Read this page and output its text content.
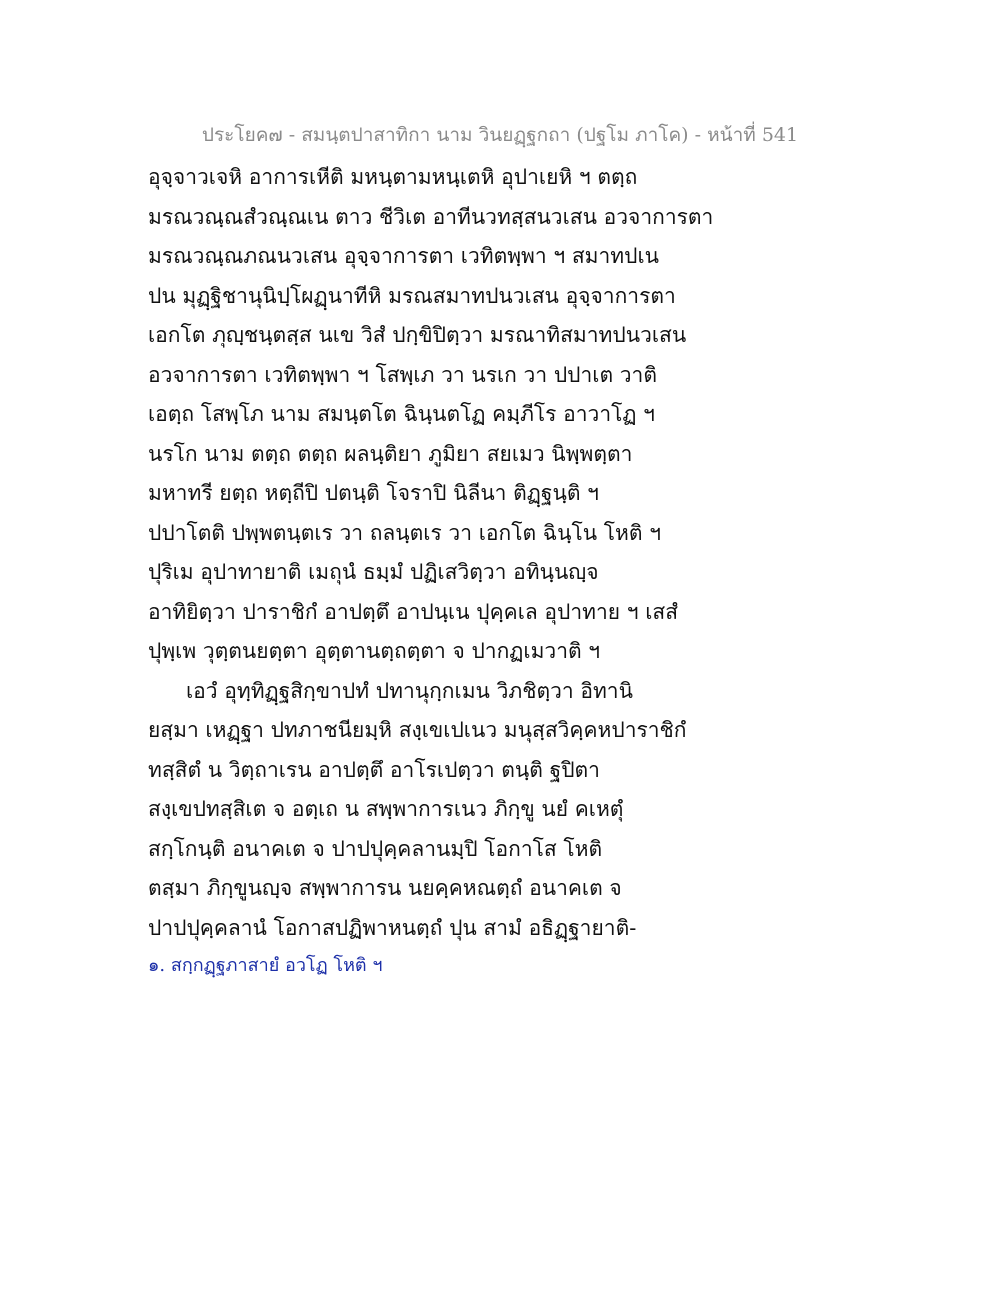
ประโยค๗ - สมนฺตปาสาทิกา นาม วินยฏฺฐกถา (ปฐโม ภาโค) - หน้าที่ 541
อุจฺจาวเจหิ อาการเหีติ มหนฺตามหนฺเตหิ อุปาเยหิ ฯ ตตฺถ
มรณวณฺณสํวณฺณเน ตาว ชีวิเต อาทีนวทสฺสนวเสน อวจาการตา
มรณวณฺณภณนวเสน อุจฺจาการตา เวทิตพฺพา ฯ สมาทปเน
ปน มุฏฺฐิชานุนิปฺโผฏฺนาทีหิ มรณสมาทปนวเสน อุจฺจาการตา
เอกโต ภุญฺชนฺตสฺส นเข วิสํ ปกฺขิปิตฺวา มรณาทิสมาทปนวเสน
อวจาการตา เวทิตพฺพา ฯ โสพฺเภ วา นรเก วา ปปาเต วาติ
เอตฺถ โสพฺโภ นาม สมนฺตโต ฉินฺนตโฏ คมฺภีโร อาวาโฏ ฯ
นรโก นาม ตตฺถ ตตฺถ ผลนฺติยา ภูมิยา สยเมว นิพฺพตฺตา
มหาทรี ยตฺถ หตฺถีปิ ปตนฺติ โจราปิ นิลีนา ติฏฺฐนฺติ ฯ
ปปาโตติ ปพฺพตนฺตเร วา ถลนฺตเร วา เอกโต ฉินฺโน โหติ ฯ
ปุริเม อุปาทายาติ เมถุนํ ธมฺมํ ปฏิเสวิตฺวา อทินฺนญฺจ
อาทิยิตฺวา ปาราชิกํ อาปตฺตึ อาปนฺเน ปุคฺคเล อุปาทาย ฯ เสสํ
ปุพฺเพ วุตฺตนยตฺตา อุตฺตานตฺถตฺตา จ ปากฏเมวาติ ฯ
เอวํ อุทฺทิฏฺฐสิกฺขาปทํ ปทานุกฺกเมน วิภชิตฺวา อิทานิ
ยสฺมา เหฏฺฐา ปทภาชนียมฺหิ สงฺเขเปเนว มนุสฺสวิคฺคหปาราชิกํ
ทสฺสิตํ น วิตฺถาเรน อาปตฺตึ อาโรเปตฺวา ตนฺติ ฐปิตา
สงฺเขปทสฺสิเต จ อตฺเถ น สพฺพาการเนว ภิกฺขู นยํ คเหตุํ
สกฺโกนฺติ อนาคเต จ ปาปปุคฺคลานมฺปิ โอกาโส โหติ
ตสฺมา ภิกฺขูนญฺจ สพฺพาการน นยคฺคหณตฺถํ อนาคเต จ
ปาปปุคฺคลานํ โอกาสปฏิพาหนตฺถํ ปุน สามํ อธิฏฺฐายาติ-
๑. สกฺกฏฺฐภาสายํ อวโฏ โหติ ฯ
